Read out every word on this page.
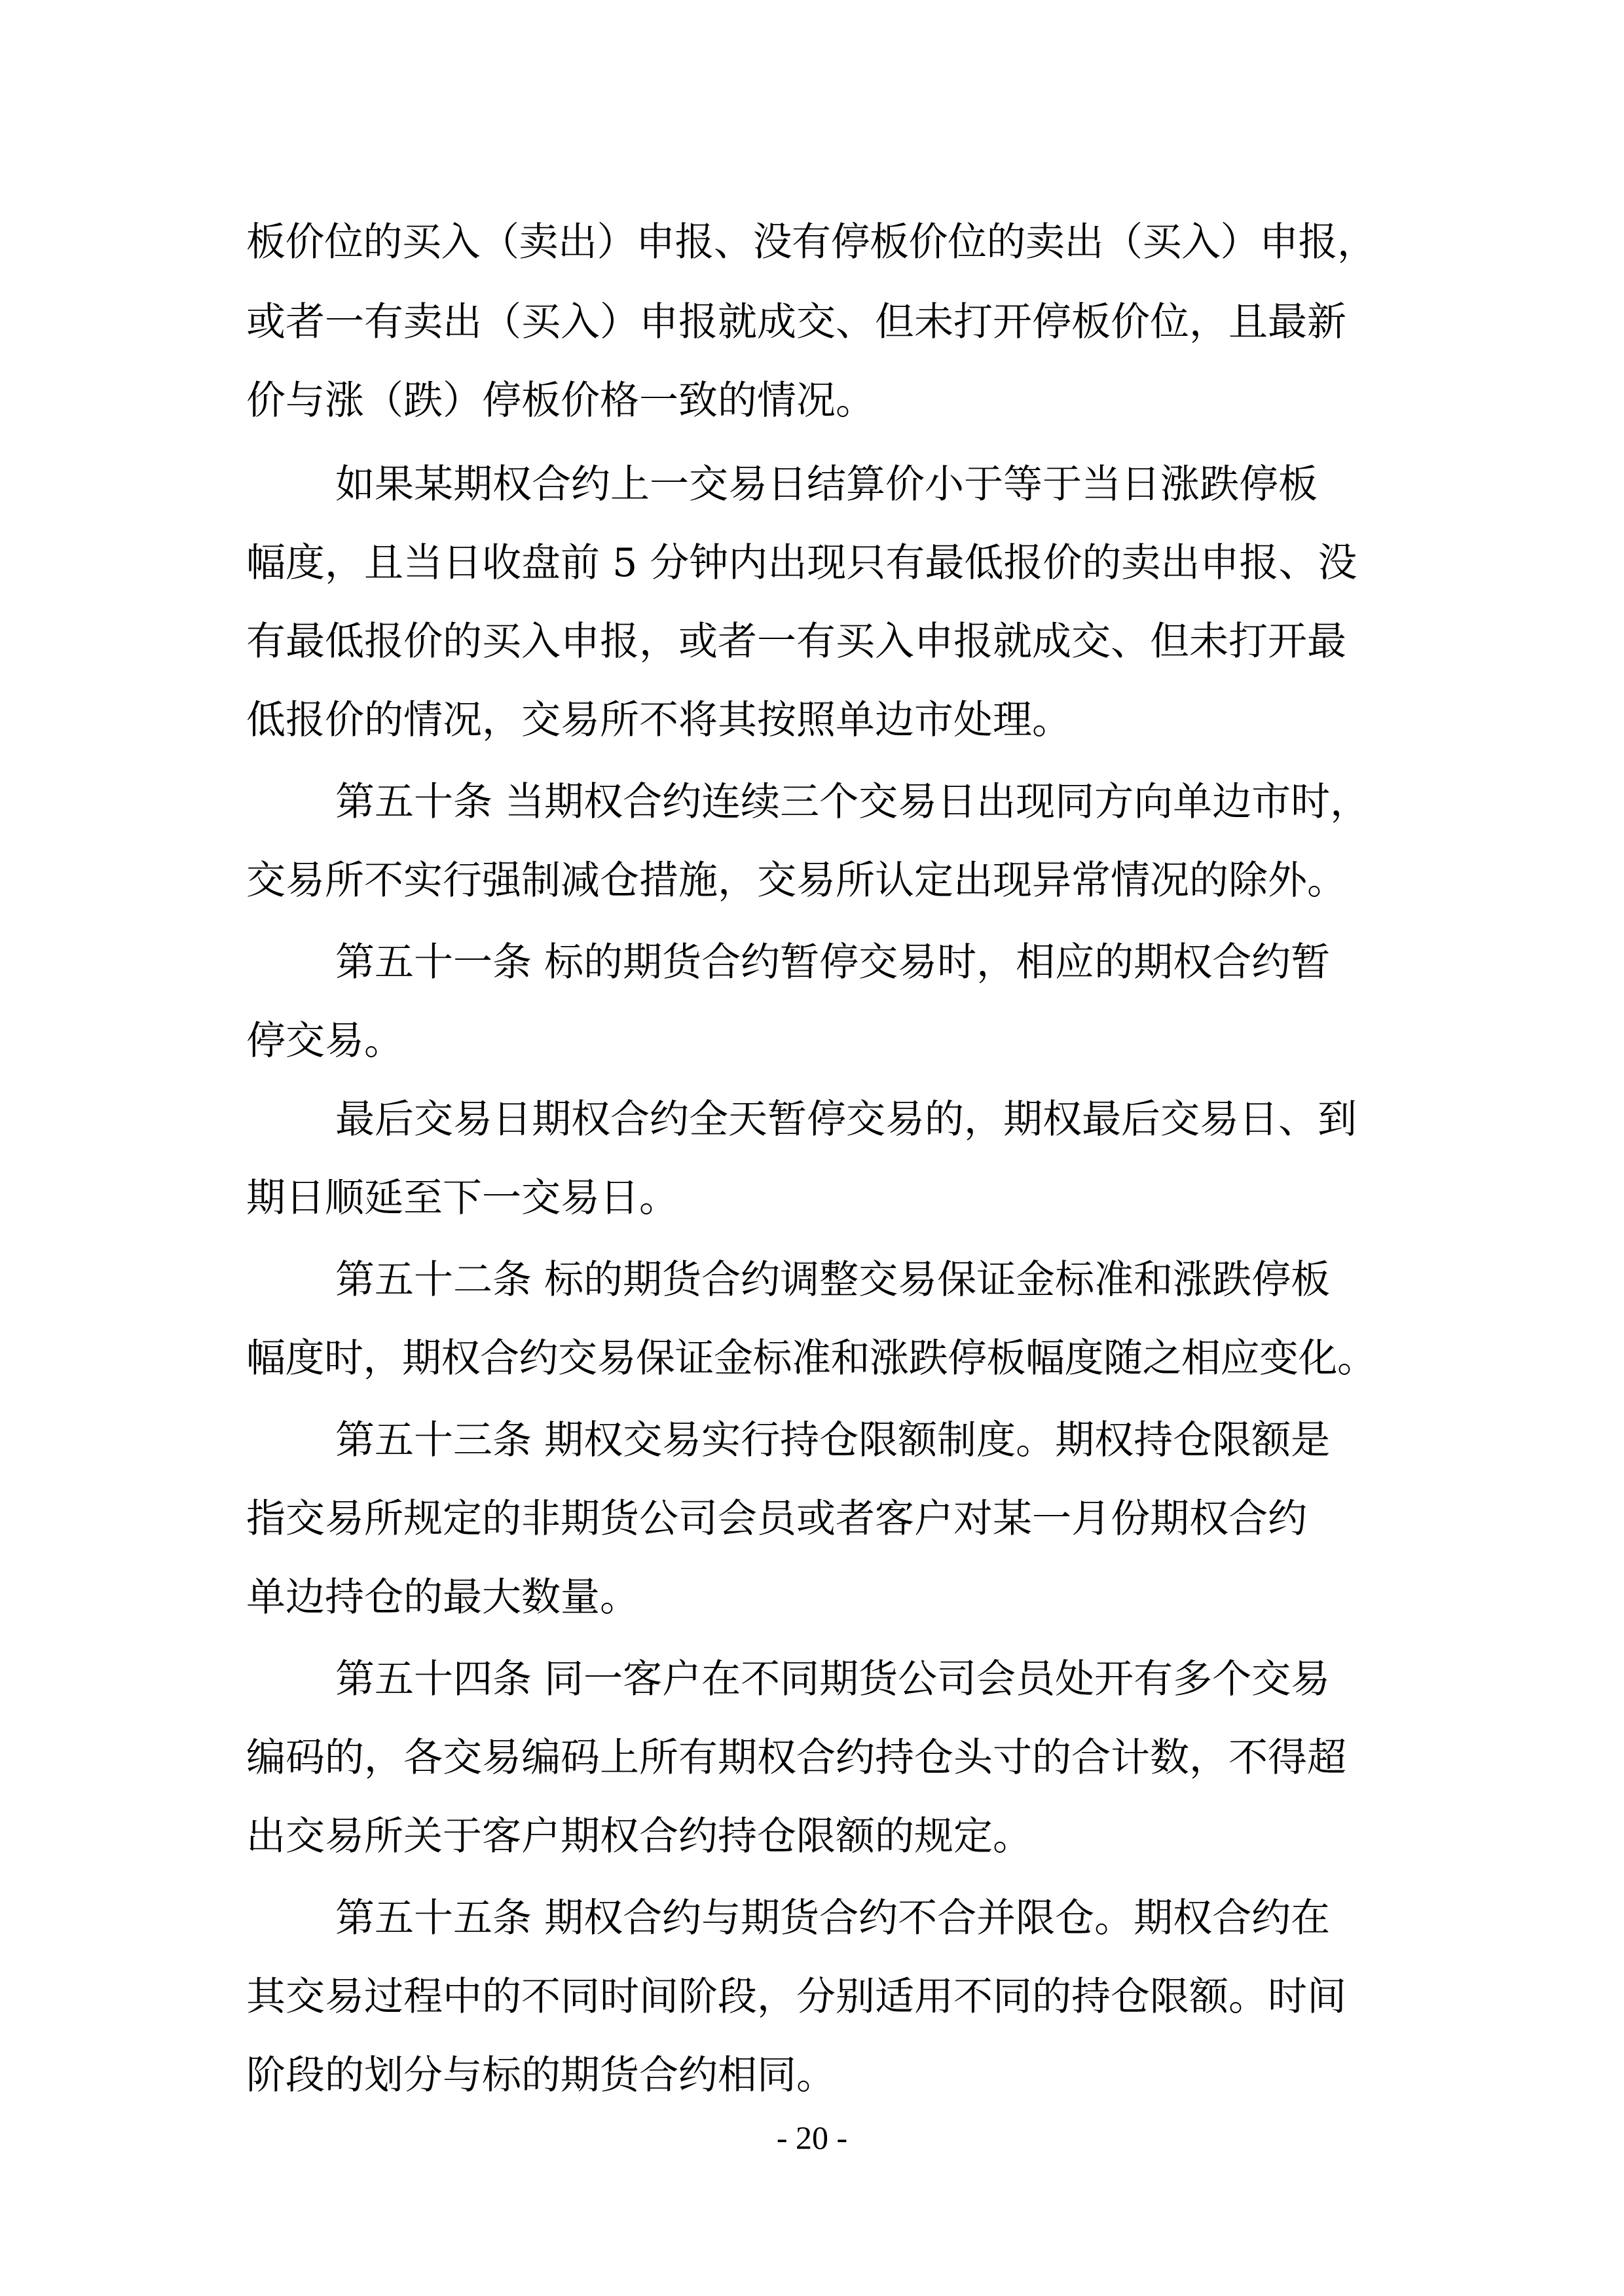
板价位的买入（卖出）申报、没有停板价位的卖出（买入）申报，
或者一有卖出（买入）申报就成交、但未打开停板价位，且最新
价与涨（跌）停板价格一致的情况。
如果某期权合约上一交易日结算价小于等于当日涨跌停板
幅度，且当日收盘前 5 分钟内出现只有最低报价的卖出申报、没
有最低报价的买入申报，或者一有买入申报就成交、但未打开最
低报价的情况，交易所不将其按照单边市处理。
第五十条 当期权合约连续三个交易日出现同方向单边市时，
交易所不实行强制减仓措施，交易所认定出现异常情况的除外。
第五十一条 标的期货合约暂停交易时，相应的期权合约暂
停交易。
最后交易日期权合约全天暂停交易的，期权最后交易日、到
期日顺延至下一交易日。
第五十二条 标的期货合约调整交易保证金标准和涨跌停板
幅度时，期权合约交易保证金标准和涨跌停板幅度随之相应变化。
第五十三条 期权交易实行持仓限额制度。期权持仓限额是
指交易所规定的非期货公司会员或者客户对某一月份期权合约
单边持仓的最大数量。
第五十四条 同一客户在不同期货公司会员处开有多个交易
编码的，各交易编码上所有期权合约持仓头寸的合计数，不得超
出交易所关于客户期权合约持仓限额的规定。
第五十五条 期权合约与期货合约不合并限仓。期权合约在
其交易过程中的不同时间阶段，分别适用不同的持仓限额。时间
阶段的划分与标的期货合约相同。
- 20 -
